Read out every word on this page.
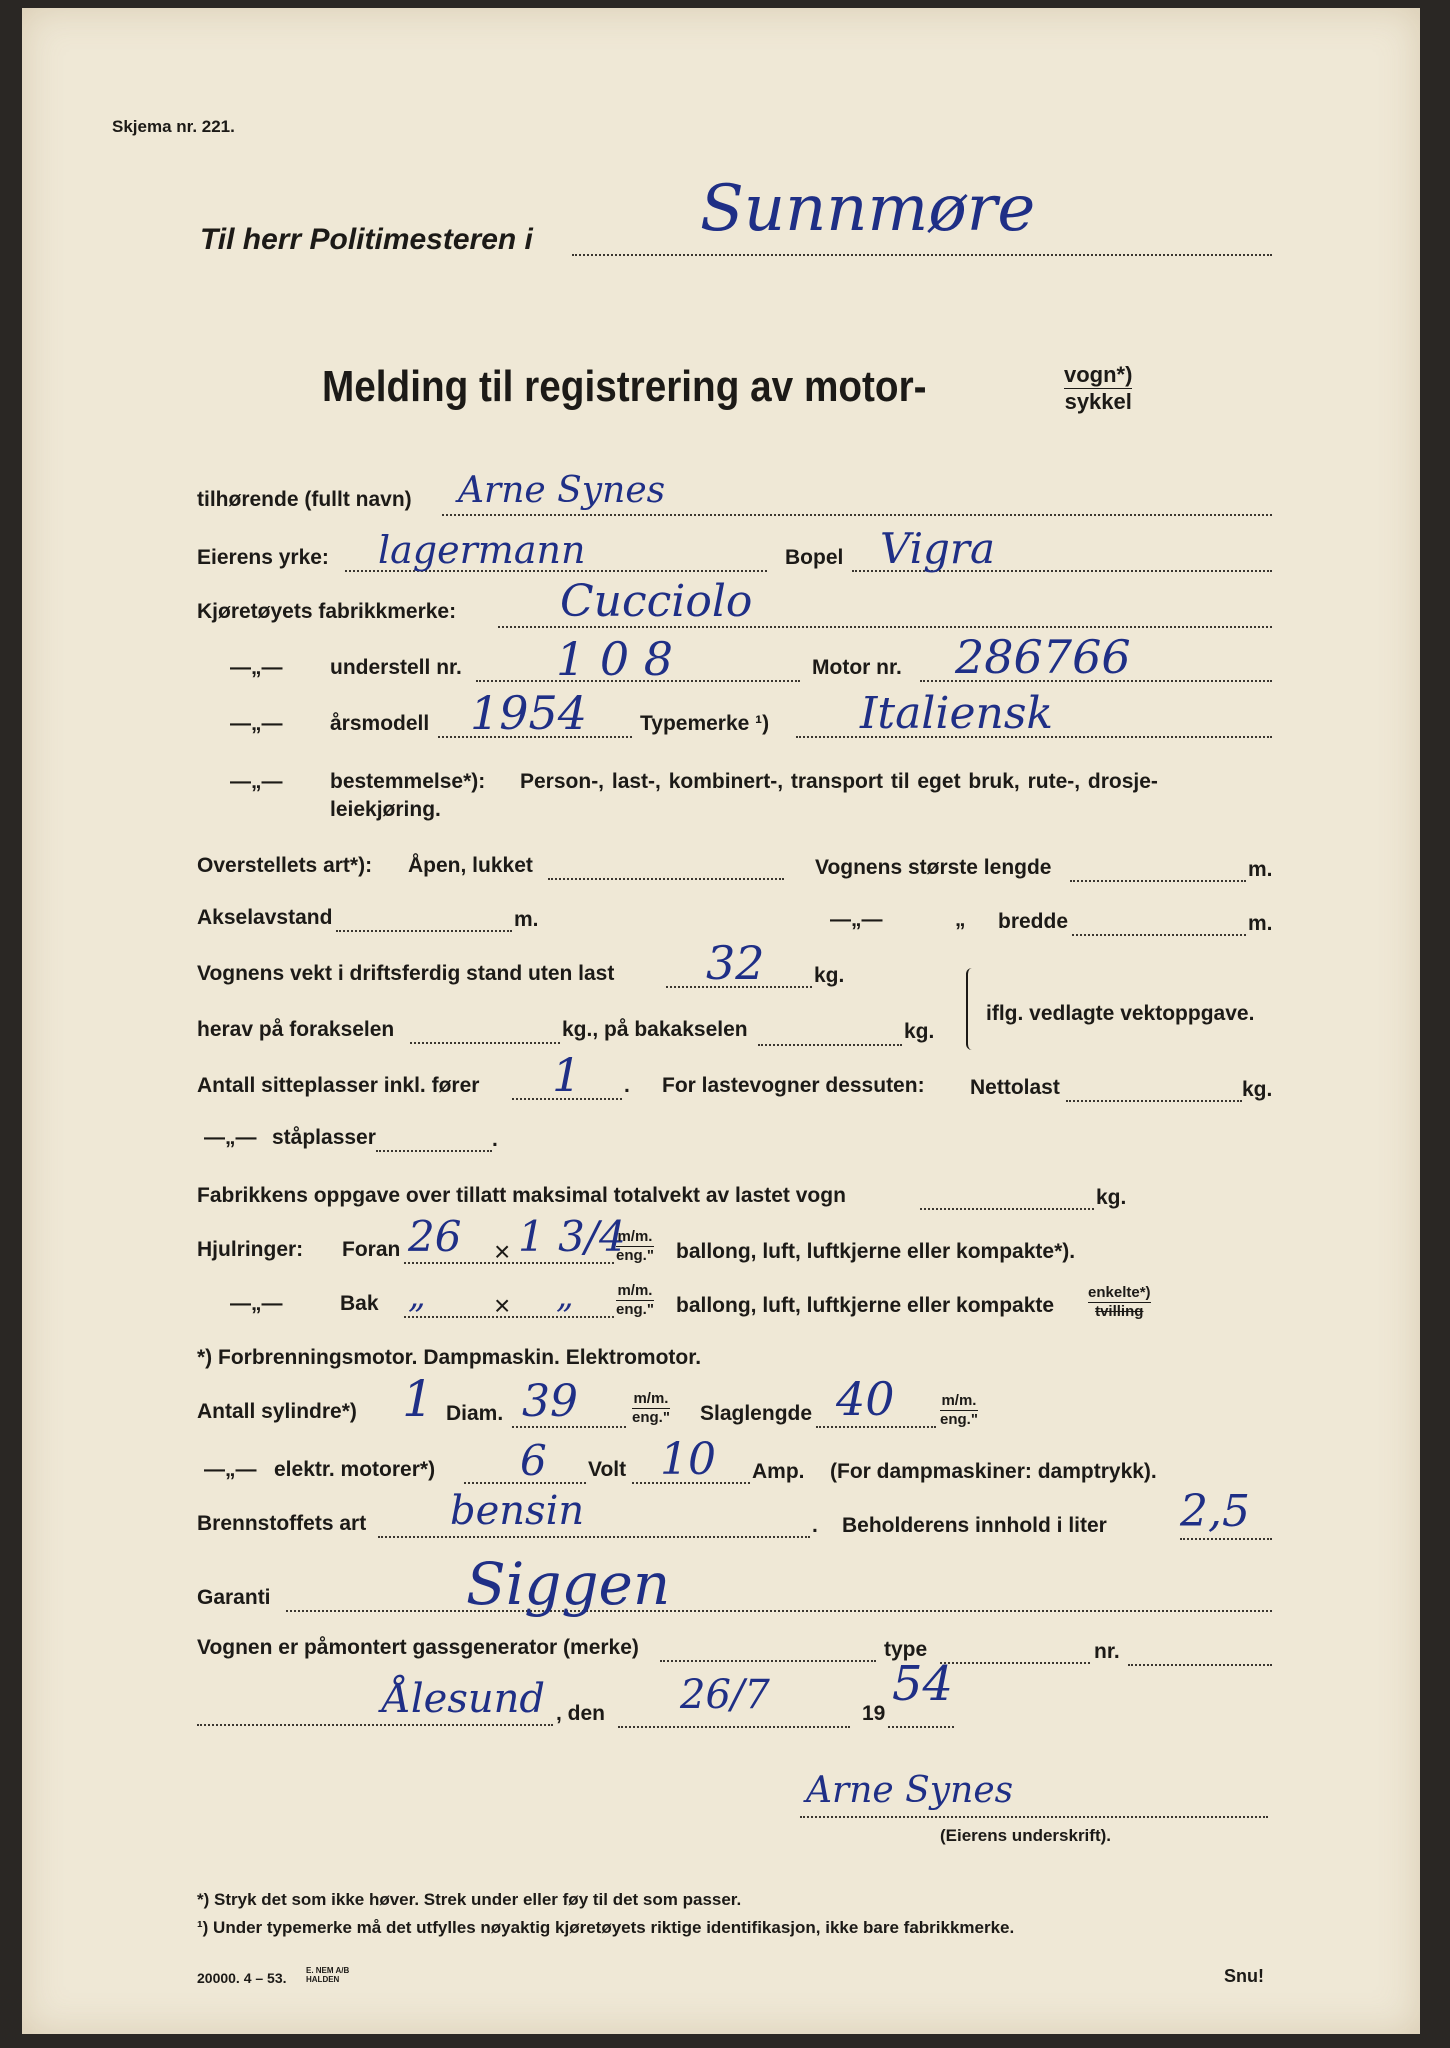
Skjema nr. 221.
Til herr Politimesteren i	Sunnmøre
Melding til registrering av motor-	vogn*)
sykkel
tilhørende (fullt navn) Arne Synes
Eierens yrke: lagermann	Bopel Vigra
Kjøretøyets fabrikkmerke: Cucciolo
—„— understell nr. 1 0 8	Motor nr. 286766
—„— årsmodell 1954	Typemerke ¹) Italiensk
—„— bestemmelse*): Person-, last-, kombinert-, transport til eget bruk, rute-, drosje-
leiekjøring.
Overstellets art*): Åpen, lukket	Vognens største lengde	m.
Akselavstand	m.	—„—	„ bredde	m.
Vognens vekt i driftsferdig stand uten last 32 kg.
herav på forakselen	kg., på bakakselen	kg.
iflg. vedlagte vektoppgave.
Antall sitteplasser inkl. fører 1 . For lastevogner dessuten: Nettolast	kg.
—„— ståplasser	.
Fabrikkens oppgave over tillatt maksimal totalvekt av lastet vogn	kg.
Hjulringer: Foran 26 × 1 3/4
m/m.
eng." ballong, luft, luftkjerne eller kompakte*).
—„—	Bak „ × „	m/m.
eng." ballong, luft, luftkjerne eller kompakte
enkelte*)
tvilling
*) Forbrenningsmotor. Dampmaskin. Elektromotor.
Antall sylindre*) 1 Diam. 39	m/m.
eng." Slaglengde 40	m/m.
eng."
—„— elektr. motorer*) 6 Volt 10 Amp. (For dampmaskiner: damptrykk).
Brennstoffets art bensin	. Beholderens innhold i liter 2,5
Garanti	Siggen
Vognen er påmontert gassgenerator (merke)	type	nr.
Ålesund , den 26/7	19
54
Arne Synes
(Eierens underskrift).
*) Stryk det som ikke høver. Strek under eller føy til det som passer.
¹) Under typemerke må det utfylles nøyaktig kjøretøyets riktige identifikasjon, ikke bare fabrikkmerke.
20000. 4 – 53. E. NEM A/B
HALDEN	Snu!
